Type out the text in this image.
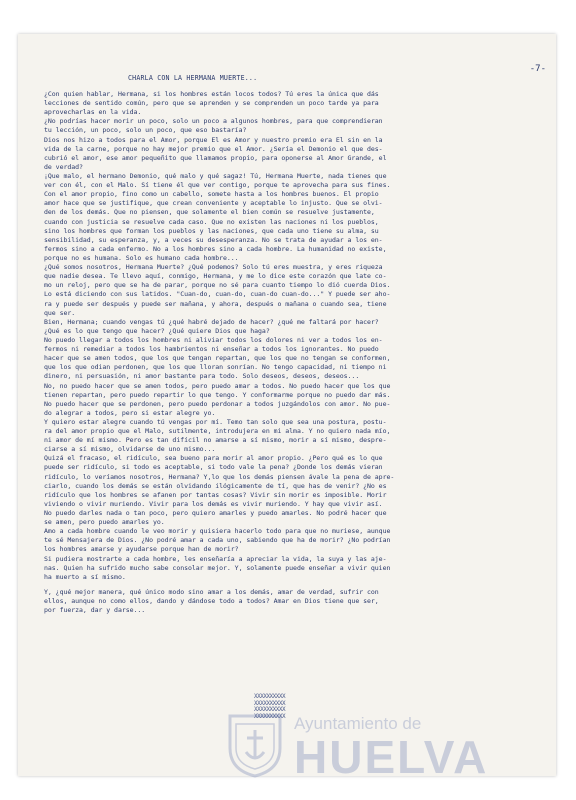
-7-
CHARLA CON LA HERMANA MUERTE...
¿Con quien hablar, Hermana, si los hombres están locos todos? Tú eres la única que dás
lecciones de sentido común, pero que se aprenden y se comprenden un poco tarde ya para
aprovecharlas en la vida.
¿No podrías hacer morir un poco, solo un poco a algunos hombres, para que comprendieran
tu lección, un poco, solo un poco, que eso bastaría?
Dios nos hizo a todos para el Amor, porque El es Amor y nuestro premio era El sin en la
vida de la carne, porque no hay mejor premio que el Amor. ¿Sería el Demonio el que des-
cubrió el amor, ese amor pequeñito que llamamos propio, para oponerse al Amor Grande, el
de verdad?
¡Que malo, el hermano Demonio, qué malo y qué sagaz! Tú, Hermana Muerte, nada tienes que
ver con él, con el Malo. Sí tiene él que ver contigo, porque te aprovecha para sus fines.
Con el amor propio, fino como un cabello, somete hasta a los hombres buenos. El propio
amor hace que se justifique, que crean conveniente y aceptable lo injusto. Que se olvi-
den de los demás. Que no piensen, que solamente el bien común se resuelve justamente,
cuando con justicia se resuelve cada caso. Que no existen las naciones ni los pueblos,
sino los hombres que forman los pueblos y las naciones, que cada uno tiene su alma, su
sensibilidad, su esperanza, y, a veces su desesperanza. No se trata de ayudar a los en-
fermos sino a cada enfermo. No a los hombres sino a cada hombre. La humanidad no existe,
porque no es humana. Solo es humano cada hombre...
¿Qué somos nosotros, Hermana Muerte? ¿Qué podemos? Solo tú eres muestra, y eres riqueza
que nadie desea. Te llevo aquí, conmigo, Hermana, y me lo dice este corazón que late co-
mo un reloj, pero que se ha de parar, porque no sé para cuanto tiempo lo dió cuerda Dios.
Lo está diciendo con sus latidos. "Cuan-do, cuan-do, cuan-do cuan-do..." Y puede ser aho-
ra y puede ser después y puede ser mañana, y ahora, después o mañana o cuando sea, tiene
que ser.
Bien, Hermana; cuando vengas tú ¿qué habré dejado de hacer? ¿qué me faltará por hacer?
¿Qué es lo que tengo que hacer? ¿Qué quiere Dios que haga?
No puedo llegar a todos los hombres ni aliviar todos los dolores ni ver a todos los en-
fermos ni remediar a todos los hambrientos ni enseñar a todos los ignorantes. No puedo
hacer que se amen todos, que los que tengan repartan, que los que no tengan se conformen,
que los que odian perdonen, que los que lloran sonrían. No tengo capacidad, ni tiempo ni
dinero, ni persuasión, ni amor bastante para todo. Solo deseos, deseos, deseos...
No, no puedo hacer que se amen todos, pero puedo amar a todos. No puedo hacer que los que
tienen repartan, pero puedo repartir lo que tengo. Y conformarme porque no puedo dar más.
No puedo hacer que se perdonen, pero puedo perdonar a todos juzgándolos con amor. No pue-
do alegrar a todos, pero si estar alegre yo.
Y quiero estar alegre cuando tú vengas por mí. Temo tan solo que sea una postura, postu-
ra del amor propio que el Malo, sutilmente, introdujera en mi alma. Y no quiero nada mío,
ni amor de mí mismo. Pero es tan difícil no amarse a sí mismo, morir a sí mismo, despre-
ciarse a sí mismo, olvidarse de uno mismo...
Quizá el fracaso, el ridículo, sea bueno para morir al amor propio. ¿Pero qué es lo que
puede ser ridículo, si todo es aceptable, si todo vale la pena? ¿Donde los demás vieran
ridículo, lo veríamos nosotros, Hermana? Y,lo que los demás piensen ávale la pena de apre-
ciarlo, cuando los demás se están olvidando ilógicamente de tí, que has de venir? ¿No es
ridículo que los hombres se afanen por tantas cosas? Vivir sin morir es imposible. Morir
viviendo o vivir muriendo. Vivir para los demás es vivir muriendo. Y hay que vivir así.
No puedo darles nada o tan poco, pero quiero amarles y puedo amarles. No podré hacer que
se amen, pero puedo amarles yo.
Amo a cada hombre cuando le veo morir y quisiera hacerlo todo para que no muriese, aunque
te sé Mensajera de Dios. ¿No podré amar a cada uno, sabiendo que ha de morir? ¿No podrían
los hombres amarse y ayudarse porque han de morir?
Si pudiera mostrarte a cada hombre, les enseñaría a apreciar la vida, la suya y las aje-
nas. Quien ha sufrido mucho sabe consolar mejor. Y, solamente puede enseñar a vivir quien
ha muerto a sí mismo.
Y, ¿qué mejor manera, qué único modo sino amar a los demás, amar de verdad, sufrir con
ellos, aunque no como ellos, dando y dándose todo a todos? Amar en Dios tiene que ser,
por fuerza, dar y darse...
XXXXXXXXXX
XXXXXXXXXX
XXXXXXXXXX
XXXXXXXXXX Ayuntamiento de
HUELVA
